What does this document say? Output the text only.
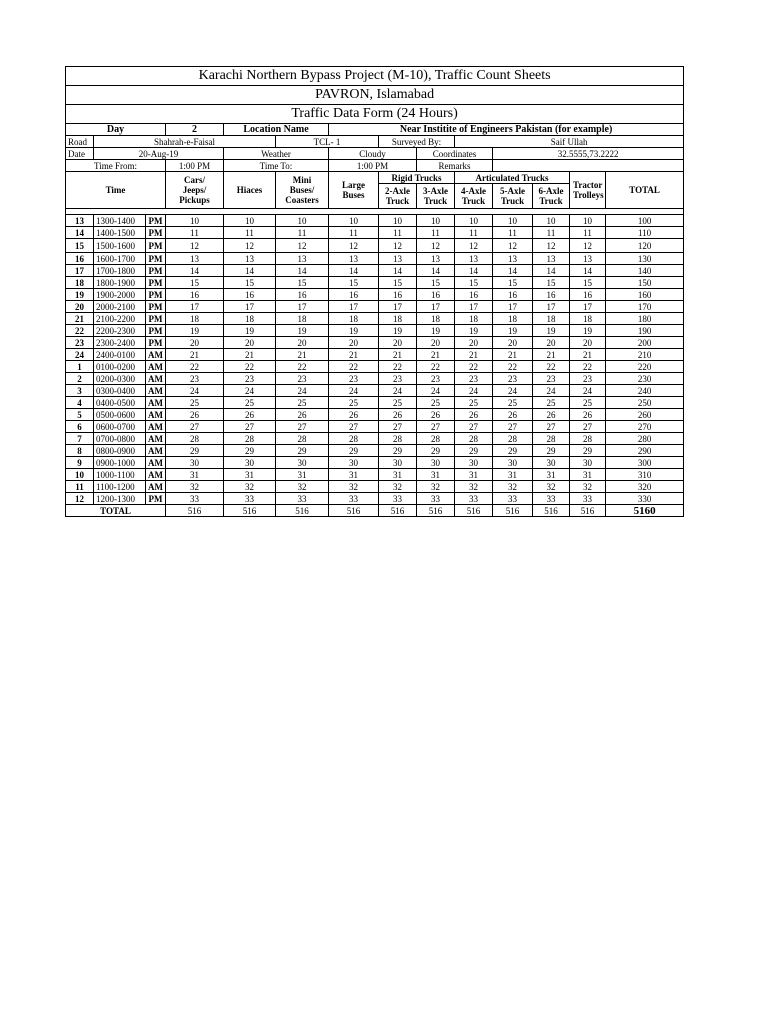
Karachi Northern Bypass Project (M-10), Traffic Count Sheets													
PAVRON, Islamabad													
Traffic Data Form (24 Hours)													
Day			2	Location Name		Near Institite of Engineers Pakistan (for example)							
Road	Shahrah-e-Faisal				TCL- 1		Surveyed By:		Saif Ullah				
Date	20-Aug-19			Weather		Cloudy		Coordinates		32.5555,73.2222			
Time From:			1:00 PM	Time To:		1:00 PM		Remarks					
Time			Cars/ Jeeps/ Pickups	Hiaces	Mini Buses/ Coasters	Large Buses	Rigid Trucks		Articulated Trucks			Tractor Trolleys	TOTAL
							2-Axle Truck	3-Axle Truck	4-Axle Truck	5-Axle Truck	6-Axle Truck		

13	1300-1400	PM	10	10	10	10	10	10	10	10	10	10	100
14	1400-1500	PM	11	11	11	11	11	11	11	11	11	11	110
15	1500-1600	PM	12	12	12	12	12	12	12	12	12	12	120
16	1600-1700	PM	13	13	13	13	13	13	13	13	13	13	130
17	1700-1800	PM	14	14	14	14	14	14	14	14	14	14	140
18	1800-1900	PM	15	15	15	15	15	15	15	15	15	15	150
19	1900-2000	PM	16	16	16	16	16	16	16	16	16	16	160
20	2000-2100	PM	17	17	17	17	17	17	17	17	17	17	170
21	2100-2200	PM	18	18	18	18	18	18	18	18	18	18	180
22	2200-2300	PM	19	19	19	19	19	19	19	19	19	19	190
23	2300-2400	PM	20	20	20	20	20	20	20	20	20	20	200
24	2400-0100	AM	21	21	21	21	21	21	21	21	21	21	210
1	0100-0200	AM	22	22	22	22	22	22	22	22	22	22	220
2	0200-0300	AM	23	23	23	23	23	23	23	23	23	23	230
3	0300-0400	AM	24	24	24	24	24	24	24	24	24	24	240
4	0400-0500	AM	25	25	25	25	25	25	25	25	25	25	250
5	0500-0600	AM	26	26	26	26	26	26	26	26	26	26	260
6	0600-0700	AM	27	27	27	27	27	27	27	27	27	27	270
7	0700-0800	AM	28	28	28	28	28	28	28	28	28	28	280
8	0800-0900	AM	29	29	29	29	29	29	29	29	29	29	290
9	0900-1000	AM	30	30	30	30	30	30	30	30	30	30	300
10	1000-1100	AM	31	31	31	31	31	31	31	31	31	31	310
11	1100-1200	AM	32	32	32	32	32	32	32	32	32	32	320
12	1200-1300	PM	33	33	33	33	33	33	33	33	33	33	330
TOTAL			516	516	516	516	516	516	516	516	516	516	5160
